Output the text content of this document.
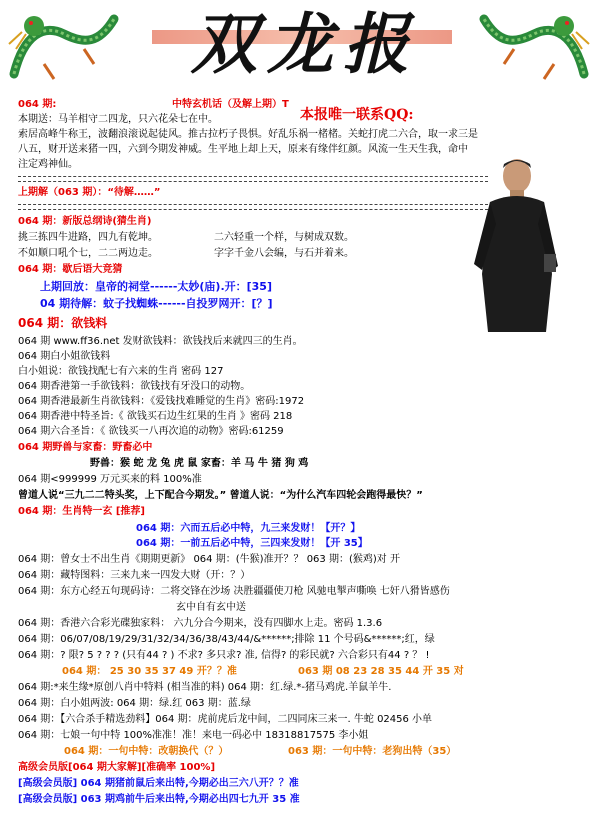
双龙报
本报唯一联系QQ:
064 期:	中特玄机话（及解上期）T
本期送：马羊相守二四龙，只六花朵七在中。
索居高峰牛称王，波翻浪滚说起徒风。推古拉朽子畏惧。好乱乐祸一楮楮。关蛇打虎二六合，取一求三是
八五，财开送来猪一四，六到今期发神威。生平地上却上天，原来有缘伴红颜。风流一生天生我，命中
注定鸡神仙。
上期解（063 期）：“待解……”
064 期：新版总纲诗(猜生肖)
挑三拣四牛进路，四九有乾坤。	二六轻重一个样，与树成双数。
不如顺口吼个七，二二两边走。	字字千金八会编，与石并着来。
064 期：歇后语大竞猜
上期回放：皇帝的祠堂------太妙(庙).开：[35]
04 期待解：蚊子找蜘蛛------自投罗网开：[？]
064 期：欲钱料
064 期 www.ff36.net 发财欲钱料：欲钱找后来就四三的生肖。
064 期白小姐欲钱料
白小姐说：欲钱找配七有六来的生肖 密码 127
064 期香港第一手欲钱料：欲钱找有牙没口的动物。
064 期香港最新生肖欲钱料：《爱钱找难睡觉的生肖》密码:1972
064 期香港中特圣旨:《 欲钱买石边生红果的生肖 》密码 218
064 期六合圣旨：《 欲钱买一八再次追的动物》密码:61259
064 期野兽与家畜：野畜必中
野兽：猴 蛇 龙 兔 虎 鼠 家畜：羊 马 牛 猪 狗 鸡
064 期<999999 万元买来的料 100%准
曾道人说“三九二二特头奖，上下配合今期发。” 曾道人说：“为什么汽车四轮会跑得最快？”
064 期：生肖特一玄 [推荐]
064 期：六而五后必中特，九三来发财！【开？】
064 期：一前五后必中特，三四来发财！【开 35】
064 期：曾女士不出生肖《期期更新》 064 期：(牛猴)准开？？ 063 期：(猴鸡)对 开
064 期：藏特图料：三来九来一四发大财（开：？）
064 期：东方心经五句现码诗：二将交锋在沙场 决胜疆疆使刀枪 风驰电掣声嘶唤 七奸八猾皆感伤
玄中自有玄中送
064 期：香港六合彩光碟独家料： 六九分合今期来，没有四脚水上走。密码 1.3.6
064 期：06/07/08/19/29/31/32/34/36/38/43/44/&******;排除 11 个号码&******;红，绿
064 期：? 限? 5 ? ? ? (只有44 ? ) 不求? 多只求? 准, 信得? 的彩民就? 六合彩只有44 ? ？ !
064 期： 25 30 35 37 49 开？？准	063 期 08 23 28 35 44 开 35 对
064 期:*来生缘*原创八肖中特料 (相当准的料) 064 期：红.绿.*-猪马鸡虎.羊鼠羊牛.
064 期：白小姐两波: 064 期：绿.红 063 期：蓝.绿
064 期：【六合杀手精选劲料】064 期：虎前虎后龙中间，二四同床三来一. 牛蛇 02456 小单
064 期：七娘一句中特 100%准准！准！来电一码必中 18318817575 李小姐
064 期：一句中特：改朝换代（？）	063 期：一句中特：老狗出特（35）
高级会员版[064 期大家解][准确率 100%]
[高级会员版] 064 期猪前鼠后来出特,今期必出三六八开？？准
[高级会员版] 063 期鸡前牛后来出特,今期必出四七九开 35 准
